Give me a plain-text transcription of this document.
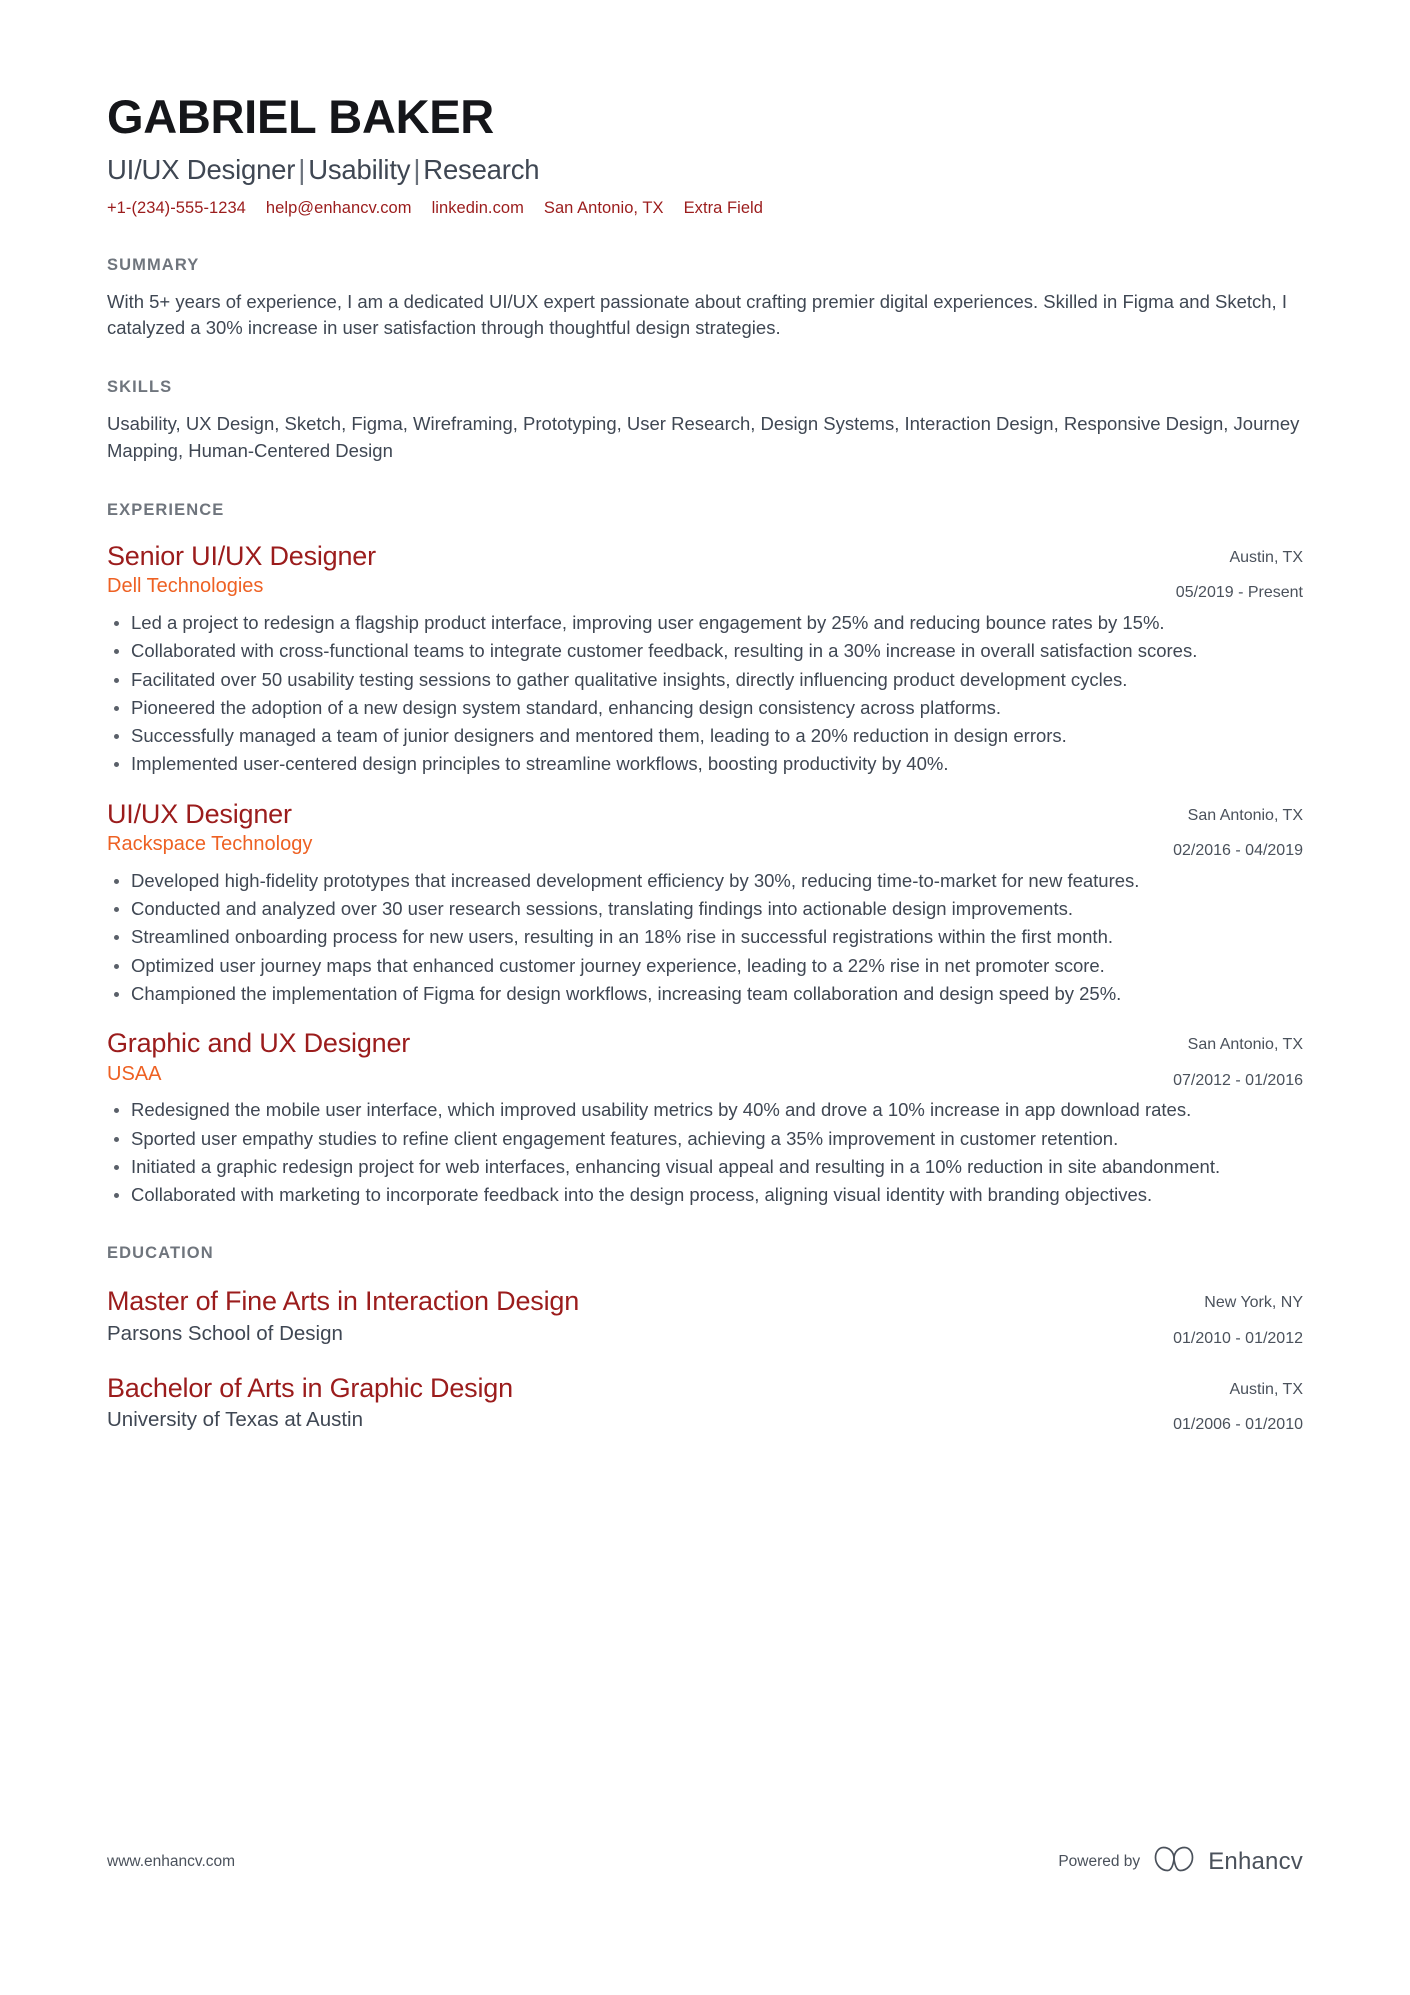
GABRIEL BAKER
UI/UX Designer | Usability | Research
+1-(234)-555-1234 help@enhancv.com linkedin.com San Antonio, TX Extra Field
SUMMARY
With 5+ years of experience, I am a dedicated UI/UX expert passionate about crafting premier digital experiences. Skilled in Figma and Sketch, I catalyzed a 30% increase in user satisfaction through thoughtful design strategies.
SKILLS
Usability, UX Design, Sketch, Figma, Wireframing, Prototyping, User Research, Design Systems, Interaction Design, Responsive Design, Journey Mapping, Human-Centered Design
EXPERIENCE
Senior UI/UX Designer
Dell Technologies
Austin, TX
05/2019 - Present
Led a project to redesign a flagship product interface, improving user engagement by 25% and reducing bounce rates by 15%.
Collaborated with cross-functional teams to integrate customer feedback, resulting in a 30% increase in overall satisfaction scores.
Facilitated over 50 usability testing sessions to gather qualitative insights, directly influencing product development cycles.
Pioneered the adoption of a new design system standard, enhancing design consistency across platforms.
Successfully managed a team of junior designers and mentored them, leading to a 20% reduction in design errors.
Implemented user-centered design principles to streamline workflows, boosting productivity by 40%.
UI/UX Designer
Rackspace Technology
San Antonio, TX
02/2016 - 04/2019
Developed high-fidelity prototypes that increased development efficiency by 30%, reducing time-to-market for new features.
Conducted and analyzed over 30 user research sessions, translating findings into actionable design improvements.
Streamlined onboarding process for new users, resulting in an 18% rise in successful registrations within the first month.
Optimized user journey maps that enhanced customer journey experience, leading to a 22% rise in net promoter score.
Championed the implementation of Figma for design workflows, increasing team collaboration and design speed by 25%.
Graphic and UX Designer
USAA
San Antonio, TX
07/2012 - 01/2016
Redesigned the mobile user interface, which improved usability metrics by 40% and drove a 10% increase in app download rates.
Sported user empathy studies to refine client engagement features, achieving a 35% improvement in customer retention.
Initiated a graphic redesign project for web interfaces, enhancing visual appeal and resulting in a 10% reduction in site abandonment.
Collaborated with marketing to incorporate feedback into the design process, aligning visual identity with branding objectives.
EDUCATION
Master of Fine Arts in Interaction Design
Parsons School of Design
New York, NY
01/2010 - 01/2012
Bachelor of Arts in Graphic Design
University of Texas at Austin
Austin, TX
01/2006 - 01/2010
www.enhancv.com	Powered by	Enhancv
